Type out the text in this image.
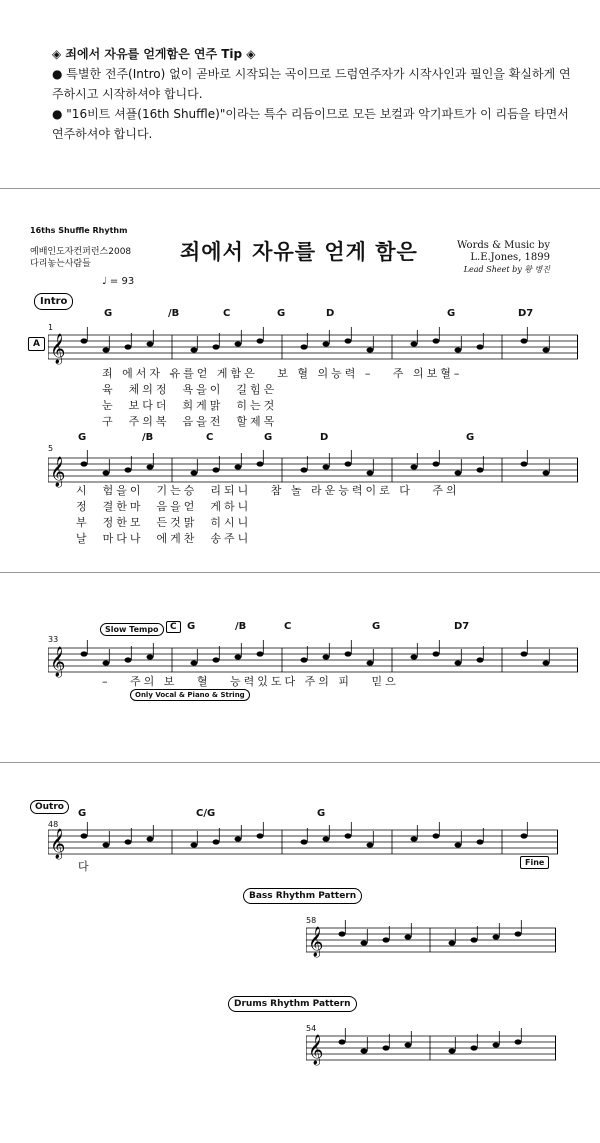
◈ 죄에서 자유를 얻게함은 연주 Tip ◈

● 특별한 전주(Intro) 없이 곧바로 시작되는 곡이므로 드럼연주자가 시작사인과 필인을 확실하게 연주하시고 시작하셔야 합니다.

● "16비트 셔플(16th Shuffle)"이라는 특수 리듬이므로 모든 보컬과 악기파트가 이 리듬을 타면서 연주하셔야 합니다.

16ths Shuffle Rhythm
예배인도자컨퍼런스2008
다리놓는사람들
♩ = 93
죄에서 자유를 얻게 함은	Words & Music by
L.E.Jones, 1899
Lead Sheet by 황 병진
Intro
A
1
𝄞
G	/B	C	G	D	G	D7
죄 에서자 유를얻 게함은   보 혈 의능력 –   주 의보혈–
육  체의정  욕을이  길힘은
눈  보다더  희게맑  히는것
구  주의복  음을전  할제목
5
𝄞
G	/B	C	G	D	G
시  험을이  기는승  리되니   참 놀 라운능력이로 다   주의
정  결한마  음을얻  게하니
부  정한모  든것맑  히시니
날  마다나  에게찬  송주니
33
Slow Tempo	C
𝄞
G	/B	C	G	D7
–   주의 보   혈   능력있도다 주의 피   믿으
Only Vocal & Piano & String
Outro
48
𝄞
G	C/G	G
다	Fine
Bass Rhythm Pattern
58
𝄞
Drums Rhythm Pattern
54
𝄞
